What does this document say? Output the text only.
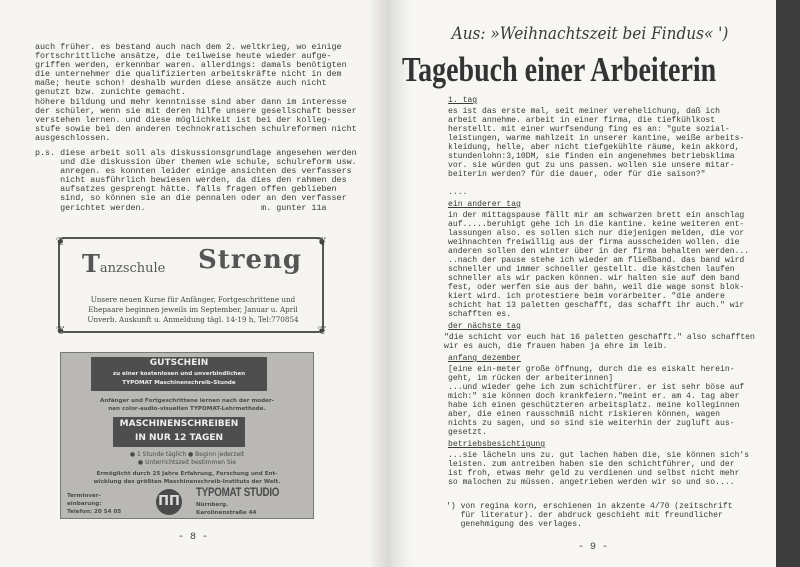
auch früher. es bestand auch nach dem 2. weltkrieg, wo einige
fortschrittliche ansätze, die teilweise heute wieder aufge-
griffen werden, erkennbar waren. allerdings: damals benötigten
die unternehmer die qualifizierten arbeitskräfte nicht in dem
maße; heute schon! deshalb wurden diese ansätze auch nicht
genutzt bzw. zunichte gemacht.
höhere bildung und mehr kenntnisse sind aber dann im interesse
der schüler, wenn sie mit deren hilfe unsere gesellschaft besser
verstehen lernen. und diese möglichkeit ist bei der kolleg-
stufe sowie bei den anderen technokratischen schulreformen nicht
ausgeschlossen.
p.s. diese arbeit soll als diskussionsgrundlage angesehen werden
und die diskussion über themen wie schule, schulreform usw.
anregen. es konnten leider einige ansichten des verfassers
nicht ausführlich bewiesen werden, da dies den rahmen des
aufsatzes gesprengt hätte. falls fragen offen geblieben
sind, so können sie an die pennalen oder an den verfasser
gerichtet werden.                       m. gunter 11a
❦	❦
❦	❦
Tanzschule Streng
Unsere neuen Kurse für Anfänger, Fortgeschrittene und
Ehepaare beginnen jeweils im September, Januar u. April
Unverb. Auskunft u. Anmeldung tägl. 14-19 h, Tel:770854
GUTSCHEIN
zu einer kostenlosen und unverbindlichen
TYPOMAT Maschinenschreib-Stunde
Anfänger und Fortgeschrittene lernen nach der moder-
nen color-audio-visuellen TYPOMAT-Lehrmethode.
MASCHINENSCHREIBEN
IN NUR 12 TAGEN
● 1 Stunde täglich ● Beginn jederzeit
● Unterrichtszeit bestimmen Sie
Ermöglicht durch 25 Jahre Erfahrung, Forschung und Ent-
wicklung des größten Maschinenschreib-Instituts der Welt.
Terminver-
einbarung:
Telefon: 20 54 05
ΠΠ
TYPOMAT STUDIO
Nürnberg.
Karolinenstraße 44
- 8 -
Aus: »Weihnachtszeit bei Findus« ')
Tagebuch einer Arbeiterin
1. tag
es ist das erste mal, seit meiner verehelichung, daß ich
arbeit annehme. arbeit in einer firma, die tiefkühlkost
herstellt. mit einer wurfsendung fing es an: "gute sozial-
leistungen, warme mahlzeit in unserer kantine, weiße arbeits-
kleidung, helle, aber nicht tiefgekühlte räume, kein akkord,
stundenlohn:3,10DM, sie finden ein angenehmes betriebsklima
vor. sie würden gut zu uns passen. wollen sie unsere mitar-
beiterin werden? für die dauer, oder für die saison?"
....
ein anderer tag
in der mittagspause fällt mir am schwarzen brett ein anschlag
auf.....beruhigt gehe ich in die kantine. keine weiteren ent-
lassungen also. es sollen sich nur diejenigen melden, die vor
weihnachten freiwillig aus der firma ausscheiden wollen. die
anderen sollen den winter über in der firma behalten werden...
..nach der pause stehe ich wieder am fließband. das band wird
schneller und immer schneller gestellt. die kästchen laufen
schneller als wir packen können. wir halten sie auf dem band
fest, oder werfen sie aus der bahn, weil die wage sonst blok-
kiert wird. ich protestiere beim vorarbeiter. "die andere
schicht hat 13 paletten geschafft, das schafft ihr auch." wir
schafften es.
der nächste tag
"die schicht vor euch hat 16 paletten geschafft." also schafften
wir es auch, die frauen haben ja ehre im leib.
anfang dezember
[eine ein-meter große öffnung, durch die es eiskalt herein-
geht, im rücken der arbeiterinnen]
...und wieder gehe ich zum schichtfürer. er ist sehr böse auf
mich:" sie können doch krankfeiern."meint er. am 4. tag aber
habe ich einen geschützteren arbeitsplatz. meine kolleginnen
aber, die einen rausschmiß nicht riskieren können, wagen
nichts zu sagen, und so sind sie weiterhin der zugluft aus-
gesetzt.
betriebsbesichtigung
...sie lächeln uns zu. gut lachen haben die, sie können sich's
leisten. zum antreiben haben sie den schichtführer, und der
ist froh, etwas mehr geld zu verdienen und selbst nicht mehr
so malochen zu müssen. angetrieben werden wir so und so....
') von regina korn, erschienen in akzente 4/70 (zeitschrift
für literatur). der abdruck geschieht mit freundlicher
genehmigung des verlages.
- 9 -
